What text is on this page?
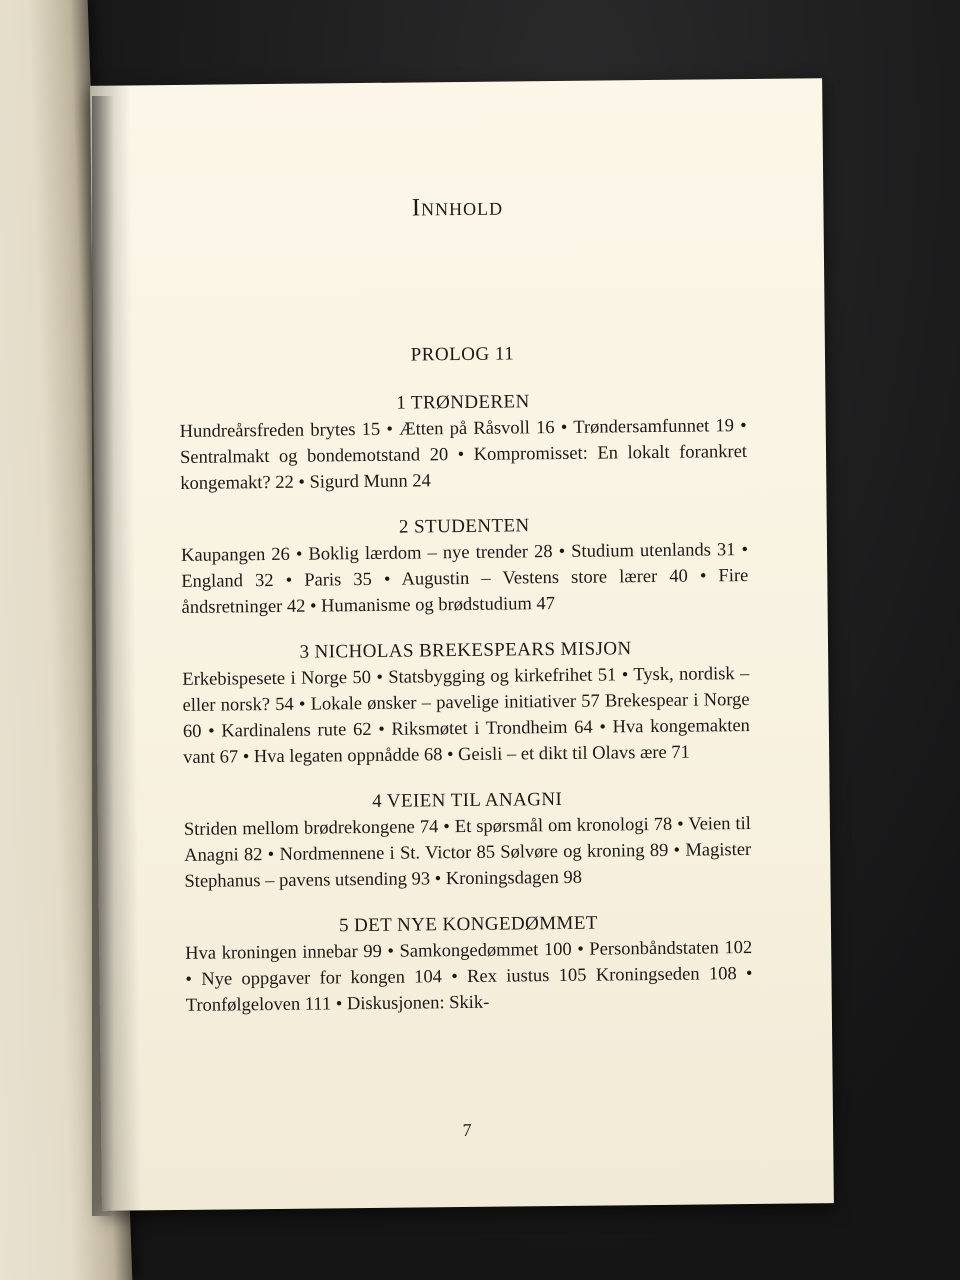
Innhold
PROLOG 11
1 TRØNDEREN
Hundreårsfreden brytes 15 • Ætten på Råsvoll 16 • Trøndersamfunnet 19 • Sentralmakt og bondemotstand 20 • Kompromisset: En lokalt forankret kongemakt? 22 • Sigurd Munn 24
2 STUDENTEN
Kaupangen 26 • Boklig lærdom – nye trender 28 • Studium utenlands 31 • England 32 • Paris 35 • Augustin – Vestens store lærer 40 • Fire åndsretninger 42 • Humanisme og brødstudium 47
3 NICHOLAS BREKESPEARS MISJON
Erkebispesete i Norge 50 • Statsbygging og kirkefrihet 51 • Tysk, nordisk – eller norsk? 54 • Lokale ønsker – pavelige initiativer 57 Brekespear i Norge 60 • Kardinalens rute 62 • Riksmøtet i Trondheim 64 • Hva kongemakten vant 67 • Hva legaten oppnådde 68 • Geisli – et dikt til Olavs ære 71
4 VEIEN TIL ANAGNI
Striden mellom brødrekongene 74 • Et spørsmål om kronologi 78 • Veien til Anagni 82 • Nordmennene i St. Victor 85 Sølvøre og kroning 89 • Magister Stephanus – pavens utsending 93 • Kroningsdagen 98
5 DET NYE KONGEDØMMET
Hva kroningen innebar 99 • Samkongedømmet 100 • Personbåndstaten 102 • Nye oppgaver for kongen 104 • Rex iustus 105 Kroningseden 108 • Tronfølgeloven 111 • Diskusjonen: Skik-
7
